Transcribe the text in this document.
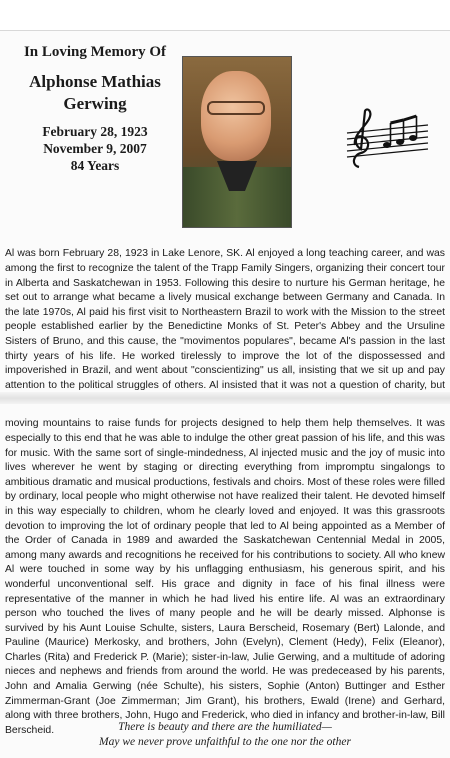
In Loving Memory Of
Alphonse Mathias
Gerwing
February 28, 1923
November 9, 2007
84 Years

Al was born February 28, 1923 in Lake Lenore, SK. Al enjoyed a long teaching career, and was among the first to recognize the talent of the Trapp Family Singers, organizing their concert tour in Alberta and Saskatchewan in 1953. Following this desire to nurture his German heritage, he set out to arrange what became a lively musical exchange between Germany and Canada. In the late 1970s, Al paid his first visit to Northeastern Brazil to work with the Mission to the street people established earlier by the Benedictine Monks of St. Peter's Abbey and the Ursuline Sisters of Bruno, and this cause, the "movimentos populares", became Al's passion in the last thirty years of his life. He worked tirelessly to improve the lot of the dispossessed and impoverished in Brazil, and went about "conscientizing" us all, insisting that we sit up and pay attention to the political struggles of others. Al insisted that it was not a question of charity, but

moving mountains to raise funds for projects designed to help them help themselves. It was especially to this end that he was able to indulge the other great passion of his life, and this was for music. With the same sort of single-mindedness, Al injected music and the joy of music into lives wherever he went by staging or directing everything from impromptu singalongs to ambitious dramatic and musical productions, festivals and choirs. Most of these roles were filled by ordinary, local people who might otherwise not have realized their talent. He devoted himself in this way especially to children, whom he clearly loved and enjoyed. It was this grassroots devotion to improving the lot of ordinary people that led to Al being appointed as a Member of the Order of Canada in 1989 and awarded the Saskatchewan Centennial Medal in 2005, among many awards and recognitions he received for his contributions to society. All who knew Al were touched in some way by his unflagging enthusiasm, his generous spirit, and his wonderful unconventional self. His grace and dignity in face of his final illness were representative of the manner in which he had lived his entire life. Al was an extraordinary person who touched the lives of many people and he will be dearly missed. Alphonse is survived by his Aunt Louise Schulte, sisters, Laura Berscheid, Rosemary (Bert) Lalonde, and Pauline (Maurice) Merkosky, and brothers, John (Evelyn), Clement (Hedy), Felix (Eleanor), Charles (Rita) and Frederick P. (Marie); sister-in-law, Julie Gerwing, and a multitude of adoring nieces and nephews and friends from around the world. He was predeceased by his parents, John and Amalia Gerwing (née Schulte), his sisters, Sophie (Anton) Buttinger and Esther Zimmerman-Grant (Joe Zimmerman; Jim Grant), his brothers, Ewald (Irene) and Gerhard, along with three brothers, John, Hugo and Frederick, who died in infancy and brother-in-law, Bill Berscheid.	There is beauty and there are the humiliated—
May we never prove unfaithful to the one nor the other
